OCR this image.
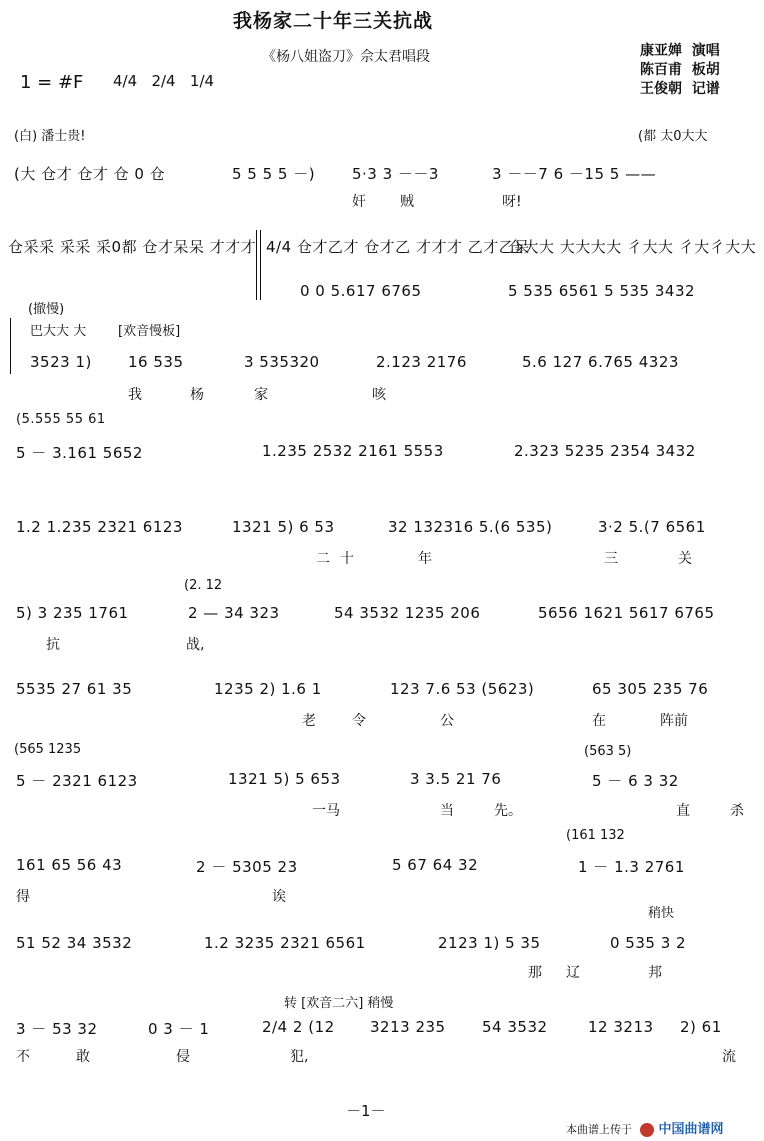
我杨家二十年三关抗战
《杨八姐盗刀》佘太君唱段	康亚婵 演唱
陈百甫 板胡
王俊朝 记谱
1 = #F 4/4 2/4 1/4
(白) 潘士贵!	(都 太0大大
(大 仓才 仓才 仓 0 仓	5 5 5 5 －) 5·3 3 －－3	3 －－7 6 －15 5 ——
奸 贼	呀!
仓采采 采采 采0都 仓才呆呆 才才才 4/4 仓才乙才 仓才乙 才才才 乙才乙呆
仓大大 大大大大 彳大大 彳大彳大大
0 0 5.617 6765	5 535 6561 5 535 3432
(撤慢)
巴大大 大 [欢音慢板]
3523 1) 16 535	3 535320	2.123 2176	5.6 127 6.765 4323
我	杨	家	咳
(5.555 55 61
5 － 3.161 5652	1.235 2532 2161 5553	2.323 5235 2354 3432
1.2 1.235 2321 6123	1321 5) 6 53	32 132316 5.(6 535)	3·2 5.(7 6561
二 十	年	三	关
(2. 12
5) 3 235 1761	2 — 34 323	54 3532 1235 206	5656 1621 5617 6765
抗	战,
5535 27 61 35	1235 2) 1.6 1	123 7.6 53 (5623)	65 305 235 76
老	令	公	在	阵前
(565 1235	(563 5)
5 － 2321 6123	1321 5) 5 653	3 3.5 21 76	5 － 6 3 32
一马	当	先。	直	杀
(161 132
161 65 56 43	2 － 5305 23	5 67 64 32	1 － 1.3 2761
得	诶
稍快
51 52 34 3532	1.2 3235 2321 6561	2123 1) 5 35	0 535 3 2
那 辽	邦
转 [欢音二六] 稍慢
3 － 53 32	0 3 － 1	2/4 2 (12 3213 235 54 3532	12 3213 2) 61
不	敢	侵	犯,	流
－1－
本曲谱上传于	中国曲谱网
